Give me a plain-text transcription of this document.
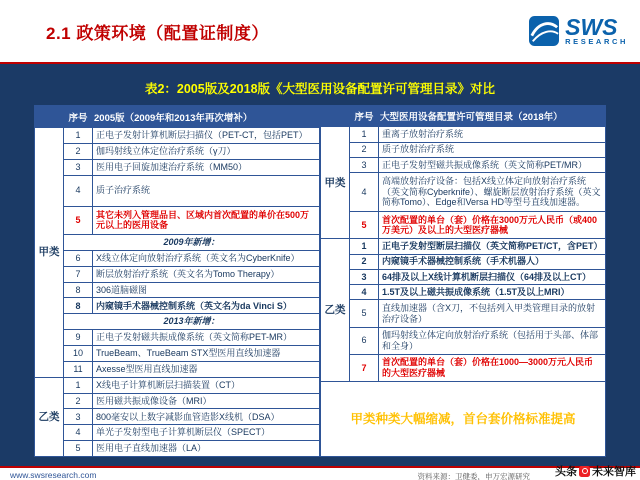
2.1 政策环境（配置证制度）	SWS
RESEARCH
表2：2005版及2018版《大型医用设备配置许可管理目录》对比
	序号	2005版（2009年和2013年再次增补）
甲类	1	正电子发射计算机断层扫描仪（PET-CT，包括PET）
	2	伽玛射线立体定位治疗系统（γ刀）
	3	医用电子回旋加速治疗系统（MM50）
	4	质子治疗系统
	5	其它未列入管理品目、区域内首次配置的单价在500万元以上的医用设备
	2009年新增：	
	6	X线立体定向放射治疗系统（英文名为CyberKnife）
	7	断层放射治疗系统（英文名为Tomo Therapy）
	8	306道脑磁图
	8	内窥镜手术器械控制系统（英文名为da Vinci S）
	2013年新增：	
	9	正电子发射磁共振成像系统（英文简称PET-MR）
	10	TrueBeam、TrueBeam STX型医用直线加速器
	11	Axesse型医用直线加速器
乙类	1	X线电子计算机断层扫描装置（CT）
	2	医用磁共振成像设备（MRI）
	3	800毫安以上数字减影血管造影X线机（DSA）
	4	单光子发射型电子计算机断层仪（SPECT）
	5	医用电子直线加速器（LA）
	序号	大型医用设备配置许可管理目录（2018年）
甲类	1	重离子放射治疗系统
	2	质子放射治疗系统
	3	正电子发射型磁共振成像系统（英文简称PET/MR）
	4	高端放射治疗设备：包括X线立体定向放射治疗系统（英文简称Cyberknife）、螺旋断层放射治疗系统（英文简称Tomo）、Edge和Versa HD等型号直线加速器。
	5	首次配置的单台（套）价格在3000万元人民币（或400万美元）及以上的大型医疗器械
乙类	1	正电子发射型断层扫描仪（英文简称PET/CT，含PET）
	2	内窥镜手术器械控制系统（手术机器人）
	3	64排及以上X线计算机断层扫描仪（64排及以上CT）
	4	1.5T及以上磁共振成像系统（1.5T及以上MRI）
	5	直线加速器（含X刀，不包括列入甲类管理目录的放射治疗设备）
	6	伽玛射线立体定向放射治疗系统（包括用于头部、体部和全身）
	7	首次配置的单台（套）价格在1000—3000万元人民币的大型医疗器械
甲类种类大幅缩减，首台套价格标准提高		
www.swsresearch.com	资料来源：卫健委，申万宏源研究 头条 未来智库
